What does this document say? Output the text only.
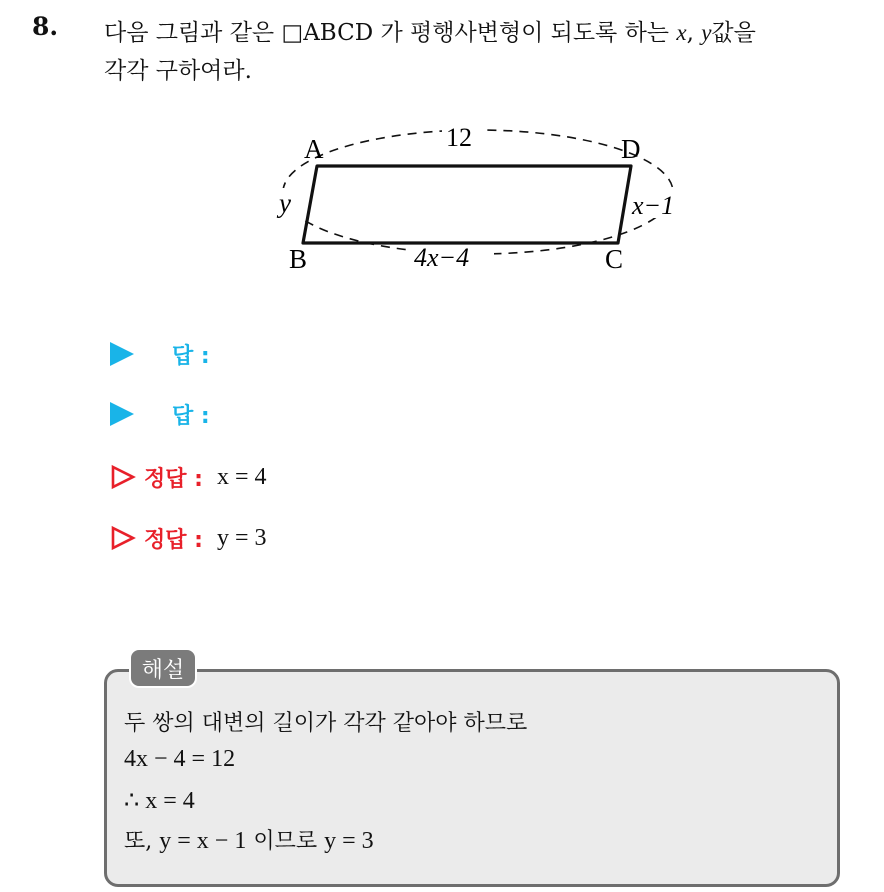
8. 다음 그림과 같은 □ABCD 가 평행사변형이 되도록 하는 x, y값을
각각 구하여라.
A	D
B	C
12
y	x−1
4x−4
답 :
답 :
정답 : x = 4
정답 : y = 3
해설
두 쌍의 대변의 길이가 각각 같아야 하므로
4x − 4 = 12
∴ x = 4
또, y = x − 1 이므로 y = 3
